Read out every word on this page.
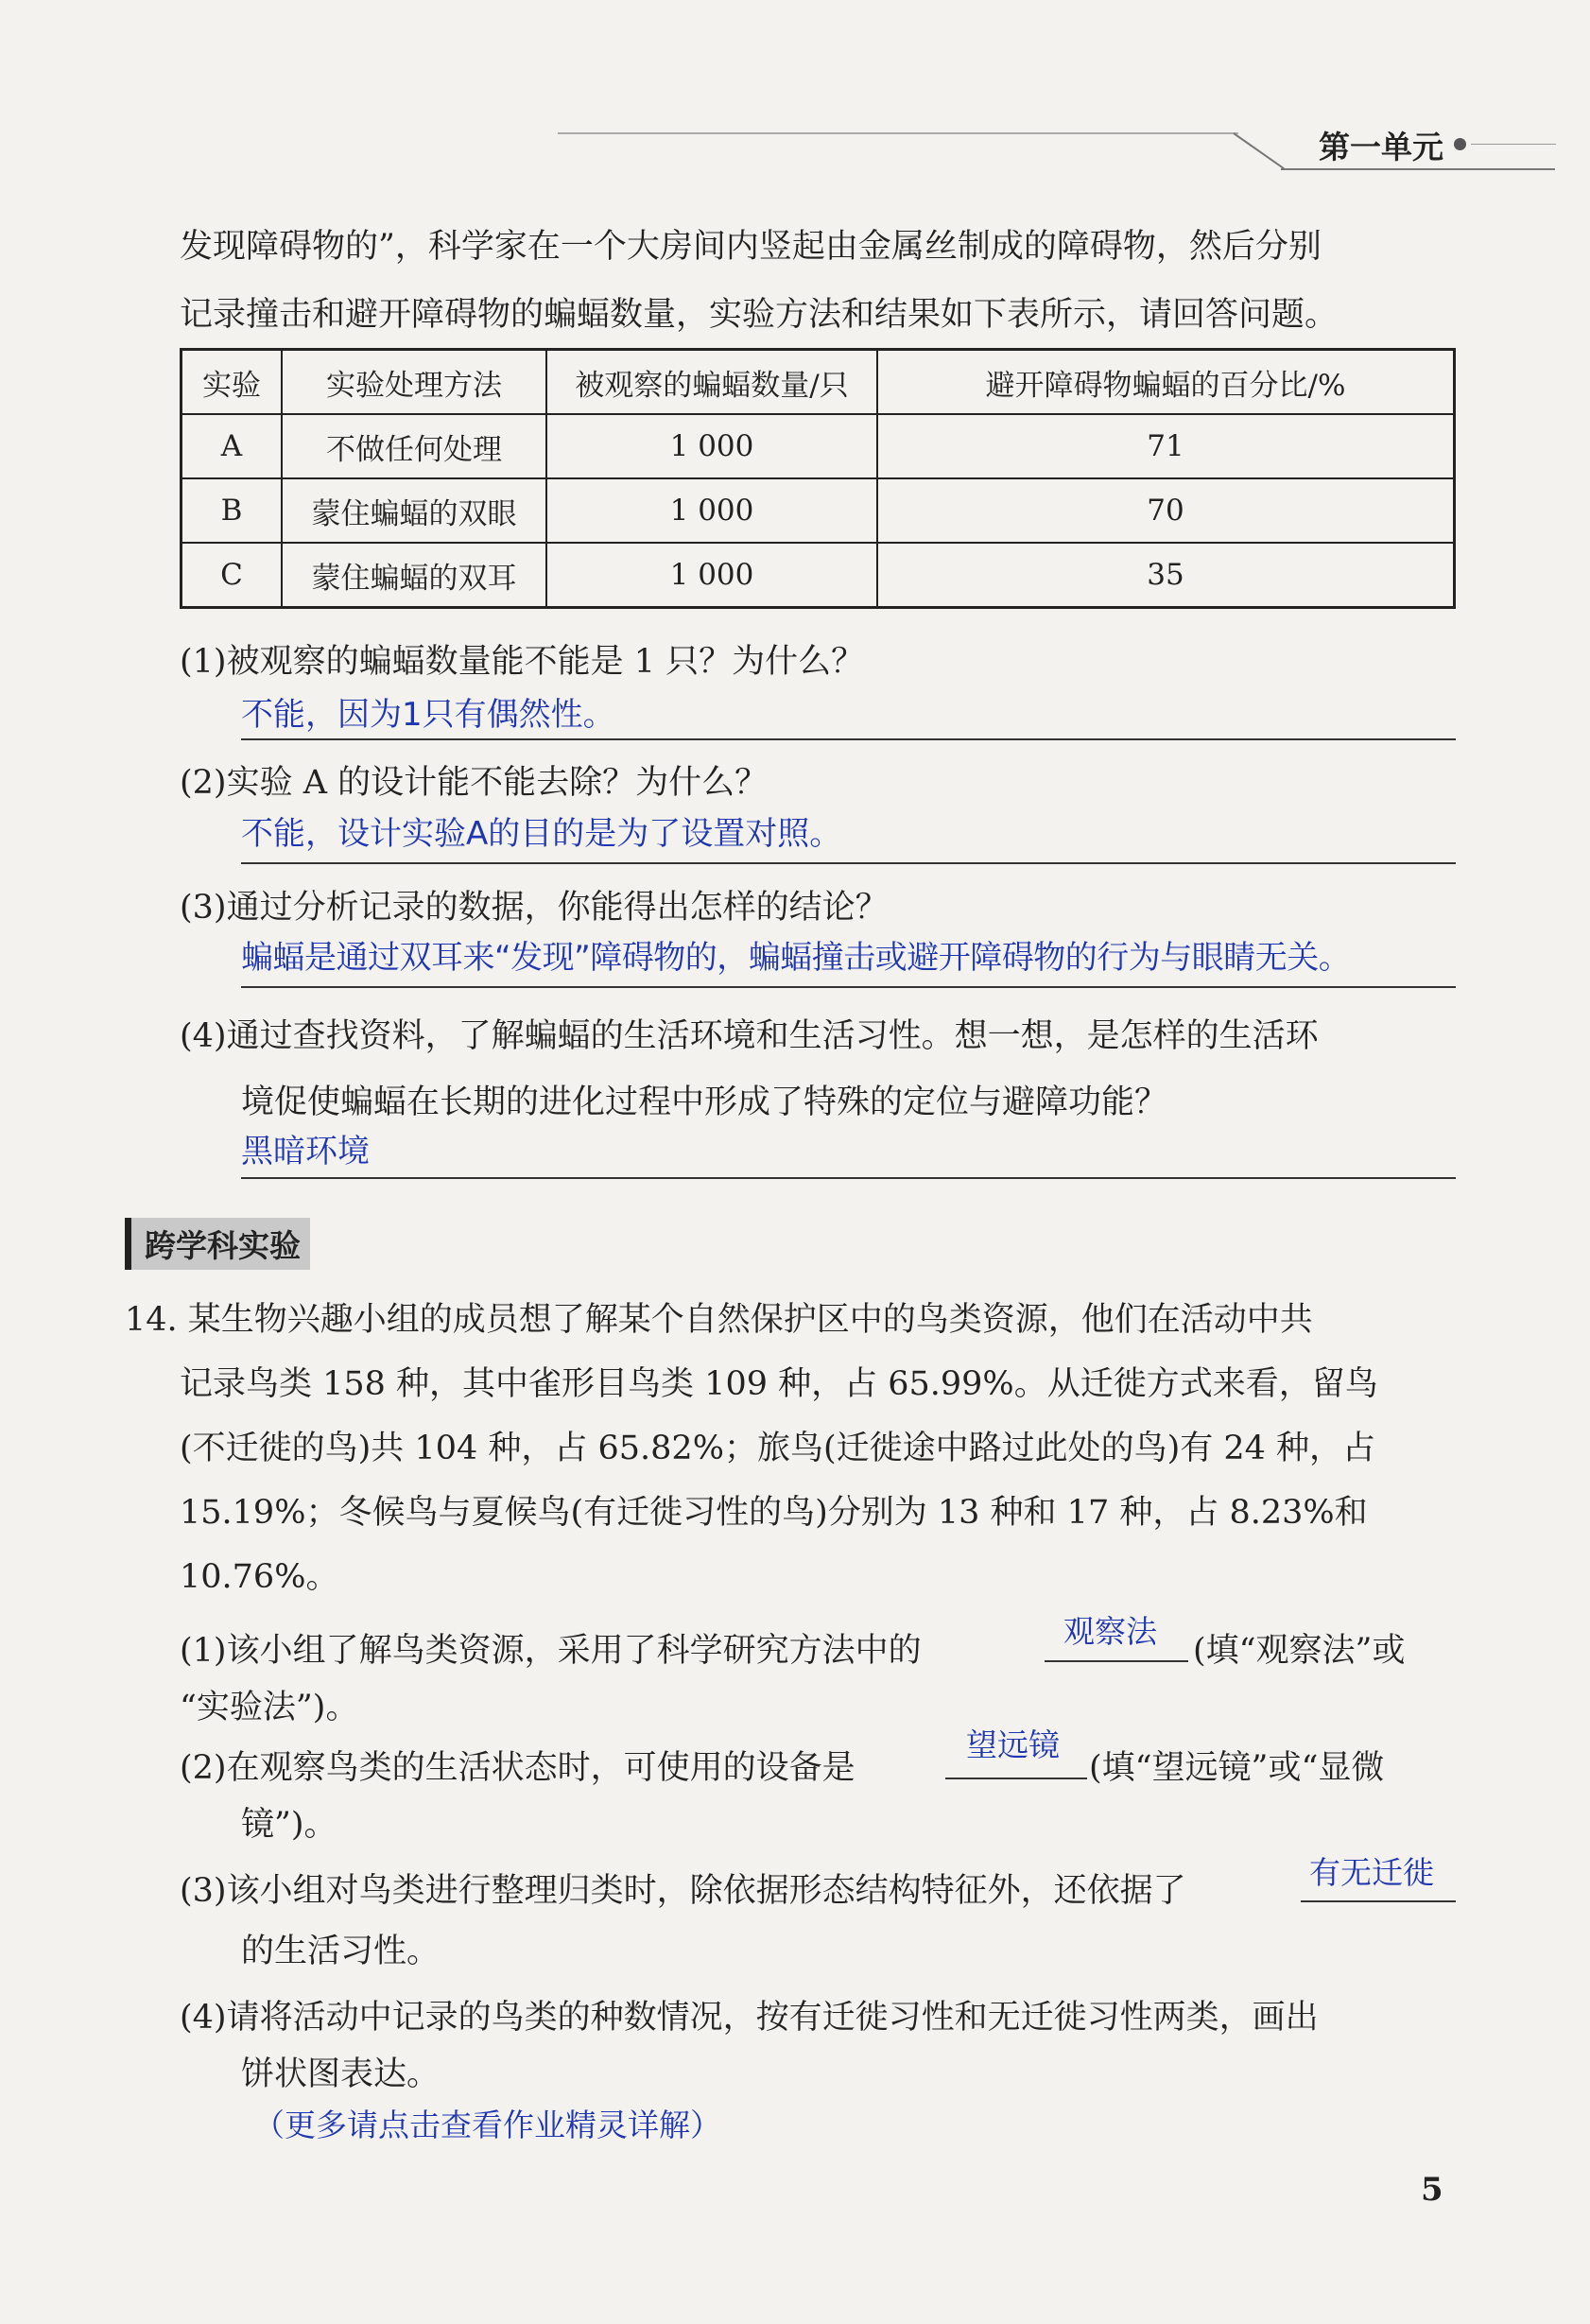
第一单元
发现障碍物的”，科学家在一个大房间内竖起由金属丝制成的障碍物，然后分别
记录撞击和避开障碍物的蝙蝠数量，实验方法和结果如下表所示，请回答问题。
实验	实验处理方法	被观察的蝙蝠数量/只	避开障碍物蝙蝠的百分比/%
A	不做任何处理	1 000	71
B	蒙住蝙蝠的双眼	1 000	70
C	蒙住蝙蝠的双耳	1 000	35
(1)被观察的蝙蝠数量能不能是 1 只？为什么？
不能，因为1只有偶然性。
(2)实验 A 的设计能不能去除？为什么？
不能，设计实验A的目的是为了设置对照。
(3)通过分析记录的数据，你能得出怎样的结论？
蝙蝠是通过双耳来“发现”障碍物的，蝙蝠撞击或避开障碍物的行为与眼睛无关。
(4)通过查找资料，了解蝙蝠的生活环境和生活习性。想一想，是怎样的生活环
境促使蝙蝠在长期的进化过程中形成了特殊的定位与避障功能？
黑暗环境
跨学科实验
14. 某生物兴趣小组的成员想了解某个自然保护区中的鸟类资源，他们在活动中共
记录鸟类 158 种，其中雀形目鸟类 109 种，占 65.99%。从迁徙方式来看，留鸟
(不迁徙的鸟)共 104 种，占 65.82%；旅鸟(迁徙途中路过此处的鸟)有 24 种，占
15.19%；冬候鸟与夏候鸟(有迁徙习性的鸟)分别为 13 种和 17 种，占 8.23%和
10.76%。
(1)该小组了解鸟类资源，采用了科学研究方法中的
观察法
(填“观察法”或
“实验法”)。
(2)在观察鸟类的生活状态时，可使用的设备是
望远镜
(填“望远镜”或“显微
镜”)。
(3)该小组对鸟类进行整理归类时，除依据形态结构特征外，还依据了	有无迁徙
的生活习性。
(4)请将活动中记录的鸟类的种数情况，按有迁徙习性和无迁徙习性两类，画出
饼状图表达。
（更多请点击查看作业精灵详解）
5
